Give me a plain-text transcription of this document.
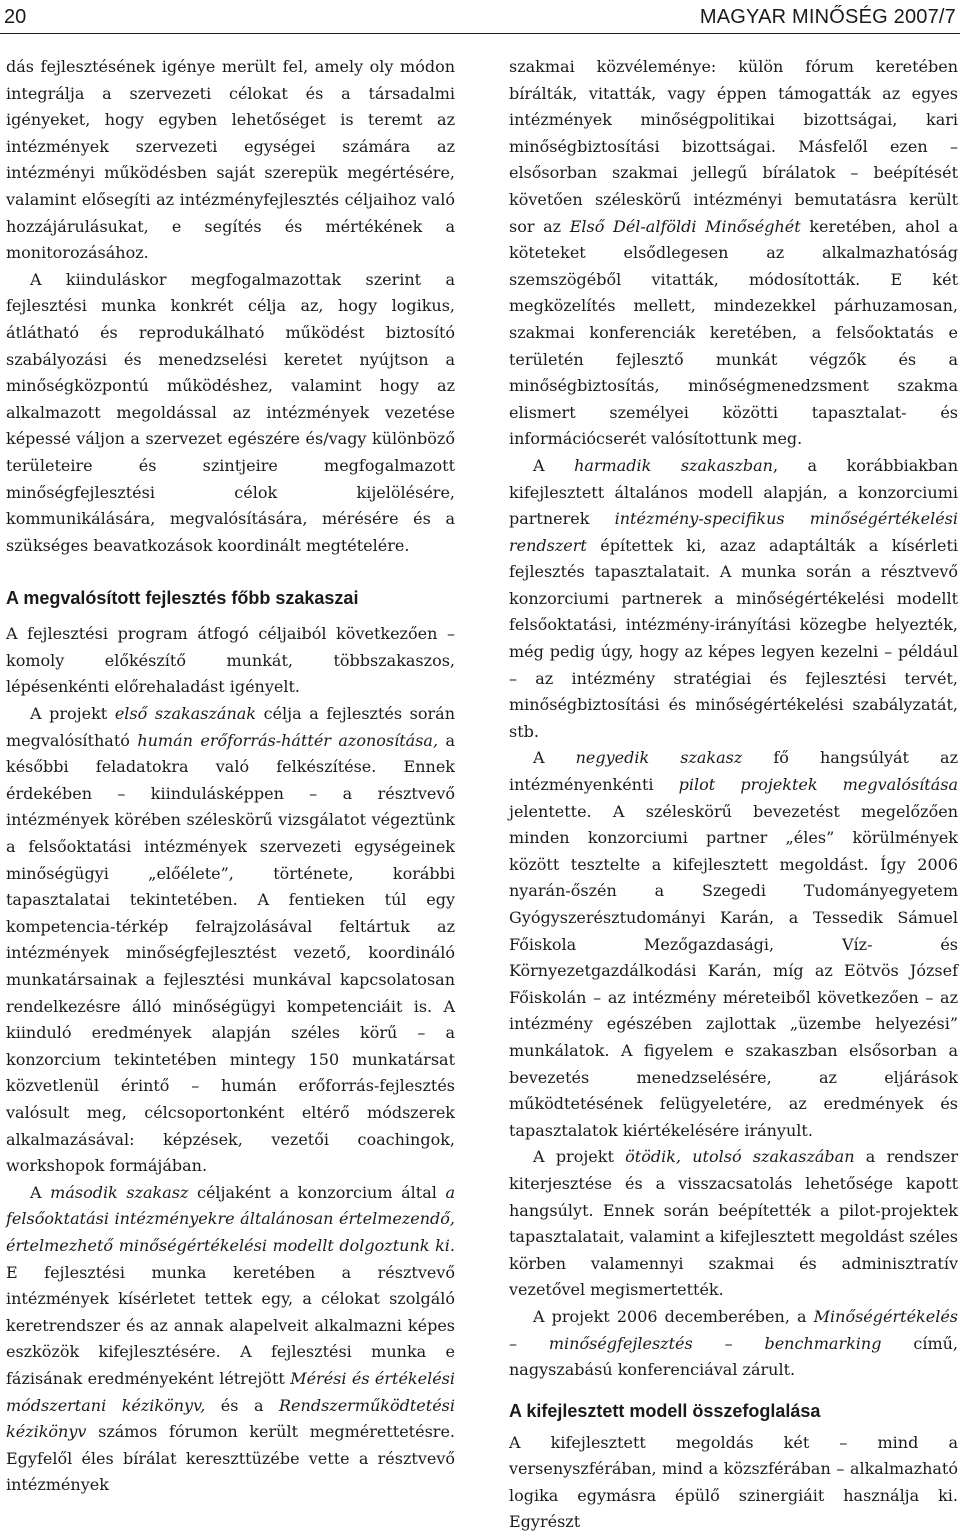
20	MAGYAR MINŐSÉG 2007/7

dás fejlesztésének igénye merült fel, amely oly módon integrálja a szervezeti célokat és a társadalmi igényeket, hogy egyben lehetőséget is teremt az intézmények szervezeti egységei számára az intézményi működésben saját szerepük megértésére, valamint elősegíti az intézményfejlesztés céljaihoz való hozzájárulásukat, e segítés és mértékének a monitorozásához.

A kiinduláskor megfogalmazottak szerint a fejlesztési munka konkrét célja az, hogy logikus, átlátható és reprodukálható működést biztosító szabályozási és menedzselési keretet nyújtson a minőségközpontú működéshez, valamint hogy az alkalmazott megoldással az intézmények vezetése képessé váljon a szervezet egészére és/vagy különböző területeire és szintjeire megfogalmazott minőségfejlesztési célok kijelölésére, kommunikálására, megvalósítására, mérésére és a szükséges beavatkozások koordinált megtételére.

A megvalósított fejlesztés főbb szakaszai

A fejlesztési program átfogó céljaiból következően – komoly előkészítő munkát, többszakaszos, lépésenkénti előrehaladást igényelt.

A projekt első szakaszának célja a fejlesztés során megvalósítható humán erőforrás-háttér azonosítása, a későbbi feladatokra való felkészítése. Ennek érdekében – kiindulásképpen – a résztvevő intézmények körében széleskörű vizsgálatot végeztünk a felsőoktatási intézmények szervezeti egységeinek minőségügyi „előélete”, története, korábbi tapasztalatai tekintetében. A fentieken túl egy kompetencia-térkép felrajzolásával feltártuk az intézmények minőségfejlesztést vezető, koordináló munkatársainak a fejlesztési munkával kapcsolatosan rendelkezésre álló minőségügyi kompetenciáit is. A kiinduló eredmények alapján széles körű – a konzorcium tekintetében mintegy 150 munkatársat közvetlenül érintő – humán erőforrás-fejlesztés valósult meg, célcsoportonként eltérő módszerek alkalmazásával: képzések, vezetői coachingok, workshopok formájában.

A második szakasz céljaként a konzorcium által a felsőoktatási intézményekre általánosan értelmezendő, értelmezhető minőségértékelési modellt dolgoztunk ki. E fejlesztési munka keretében a résztvevő intézmények kísérletet tettek egy, a célokat szolgáló keretrendszer és az annak alapelveit alkalmazni képes eszközök kifejlesztésére. A fejlesztési munka e fázisának eredményeként létrejött Mérési és értékelési módszertani kézikönyv, és a Rendszerműködtetési kézikönyv számos fórumon került megmérettetésre. Egyfelől éles bírálat kereszttüzébe vette a résztvevő intézmények

szakmai közvéleménye: külön fórum keretében bírálták, vitatták, vagy éppen támogatták az egyes intézmények minőségpolitikai bizottságai, kari minőségbiztosítási bizottságai. Másfelől ezen – elsősorban szakmai jellegű bírálatok – beépítését követően széleskörű intézményi bemutatásra került sor az Első Dél-alföldi Minőséghét keretében, ahol a köteteket elsődlegesen az alkalmazhatóság szemszögéből vitatták, módosították. E két megközelítés mellett, mindezekkel párhuzamosan, szakmai konferenciák keretében, a felsőoktatás e területén fejlesztő munkát végzők és a minőségbiztosítás, minőségmenedzsment szakma elismert személyei közötti tapasztalat- és információcserét valósítottunk meg.

A harmadik szakaszban, a korábbiakban kifejlesztett általános modell alapján, a konzorciumi partnerek intézmény-specifikus minőségértékelési rendszert építettek ki, azaz adaptálták a kísérleti fejlesztés tapasztalatait. A munka során a résztvevő konzorciumi partnerek a minőségértékelési modellt felsőoktatási, intézmény-irányítási közegbe helyezték, még pedig úgy, hogy az képes legyen kezelni – például – az intézmény stratégiai és fejlesztési tervét, minőségbiztosítási és minőségértékelési szabályzatát, stb.

A negyedik szakasz fő hangsúlyát az intézményenkénti pilot projektek megvalósítása jelentette. A széleskörű bevezetést megelőzően minden konzorciumi partner „éles” körülmények között tesztelte a kifejlesztett megoldást. Így 2006 nyarán-őszén a Szegedi Tudományegyetem Gyógyszerésztudományi Karán, a Tessedik Sámuel Főiskola Mezőgazdasági, Víz- és Környezetgazdálkodási Karán, míg az Eötvös József Főiskolán – az intézmény méreteiből következően – az intézmény egészében zajlottak „üzembe helyezési” munkálatok. A figyelem e szakaszban elsősorban a bevezetés menedzselésére, az eljárások működtetésének felügyeletére, az eredmények és tapasztalatok kiértékelésére irányult.

A projekt ötödik, utolsó szakaszában a rendszer kiterjesztése és a visszacsatolás lehetősége kapott hangsúlyt. Ennek során beépítették a pilot-projektek tapasztalatait, valamint a kifejlesztett megoldást széles körben valamennyi szakmai és adminisztratív vezetővel megismertették.

A projekt 2006 decemberében, a Minőségértékelés – minőségfejlesztés – benchmarking című, nagyszabású konferenciával zárult.

A kifejlesztett modell összefoglalása

A kifejlesztett megoldás két – mind a versenyszférában, mind a közszférában – alkalmazható logika egymásra épülő szinergiáit használja ki. Egyrészt
